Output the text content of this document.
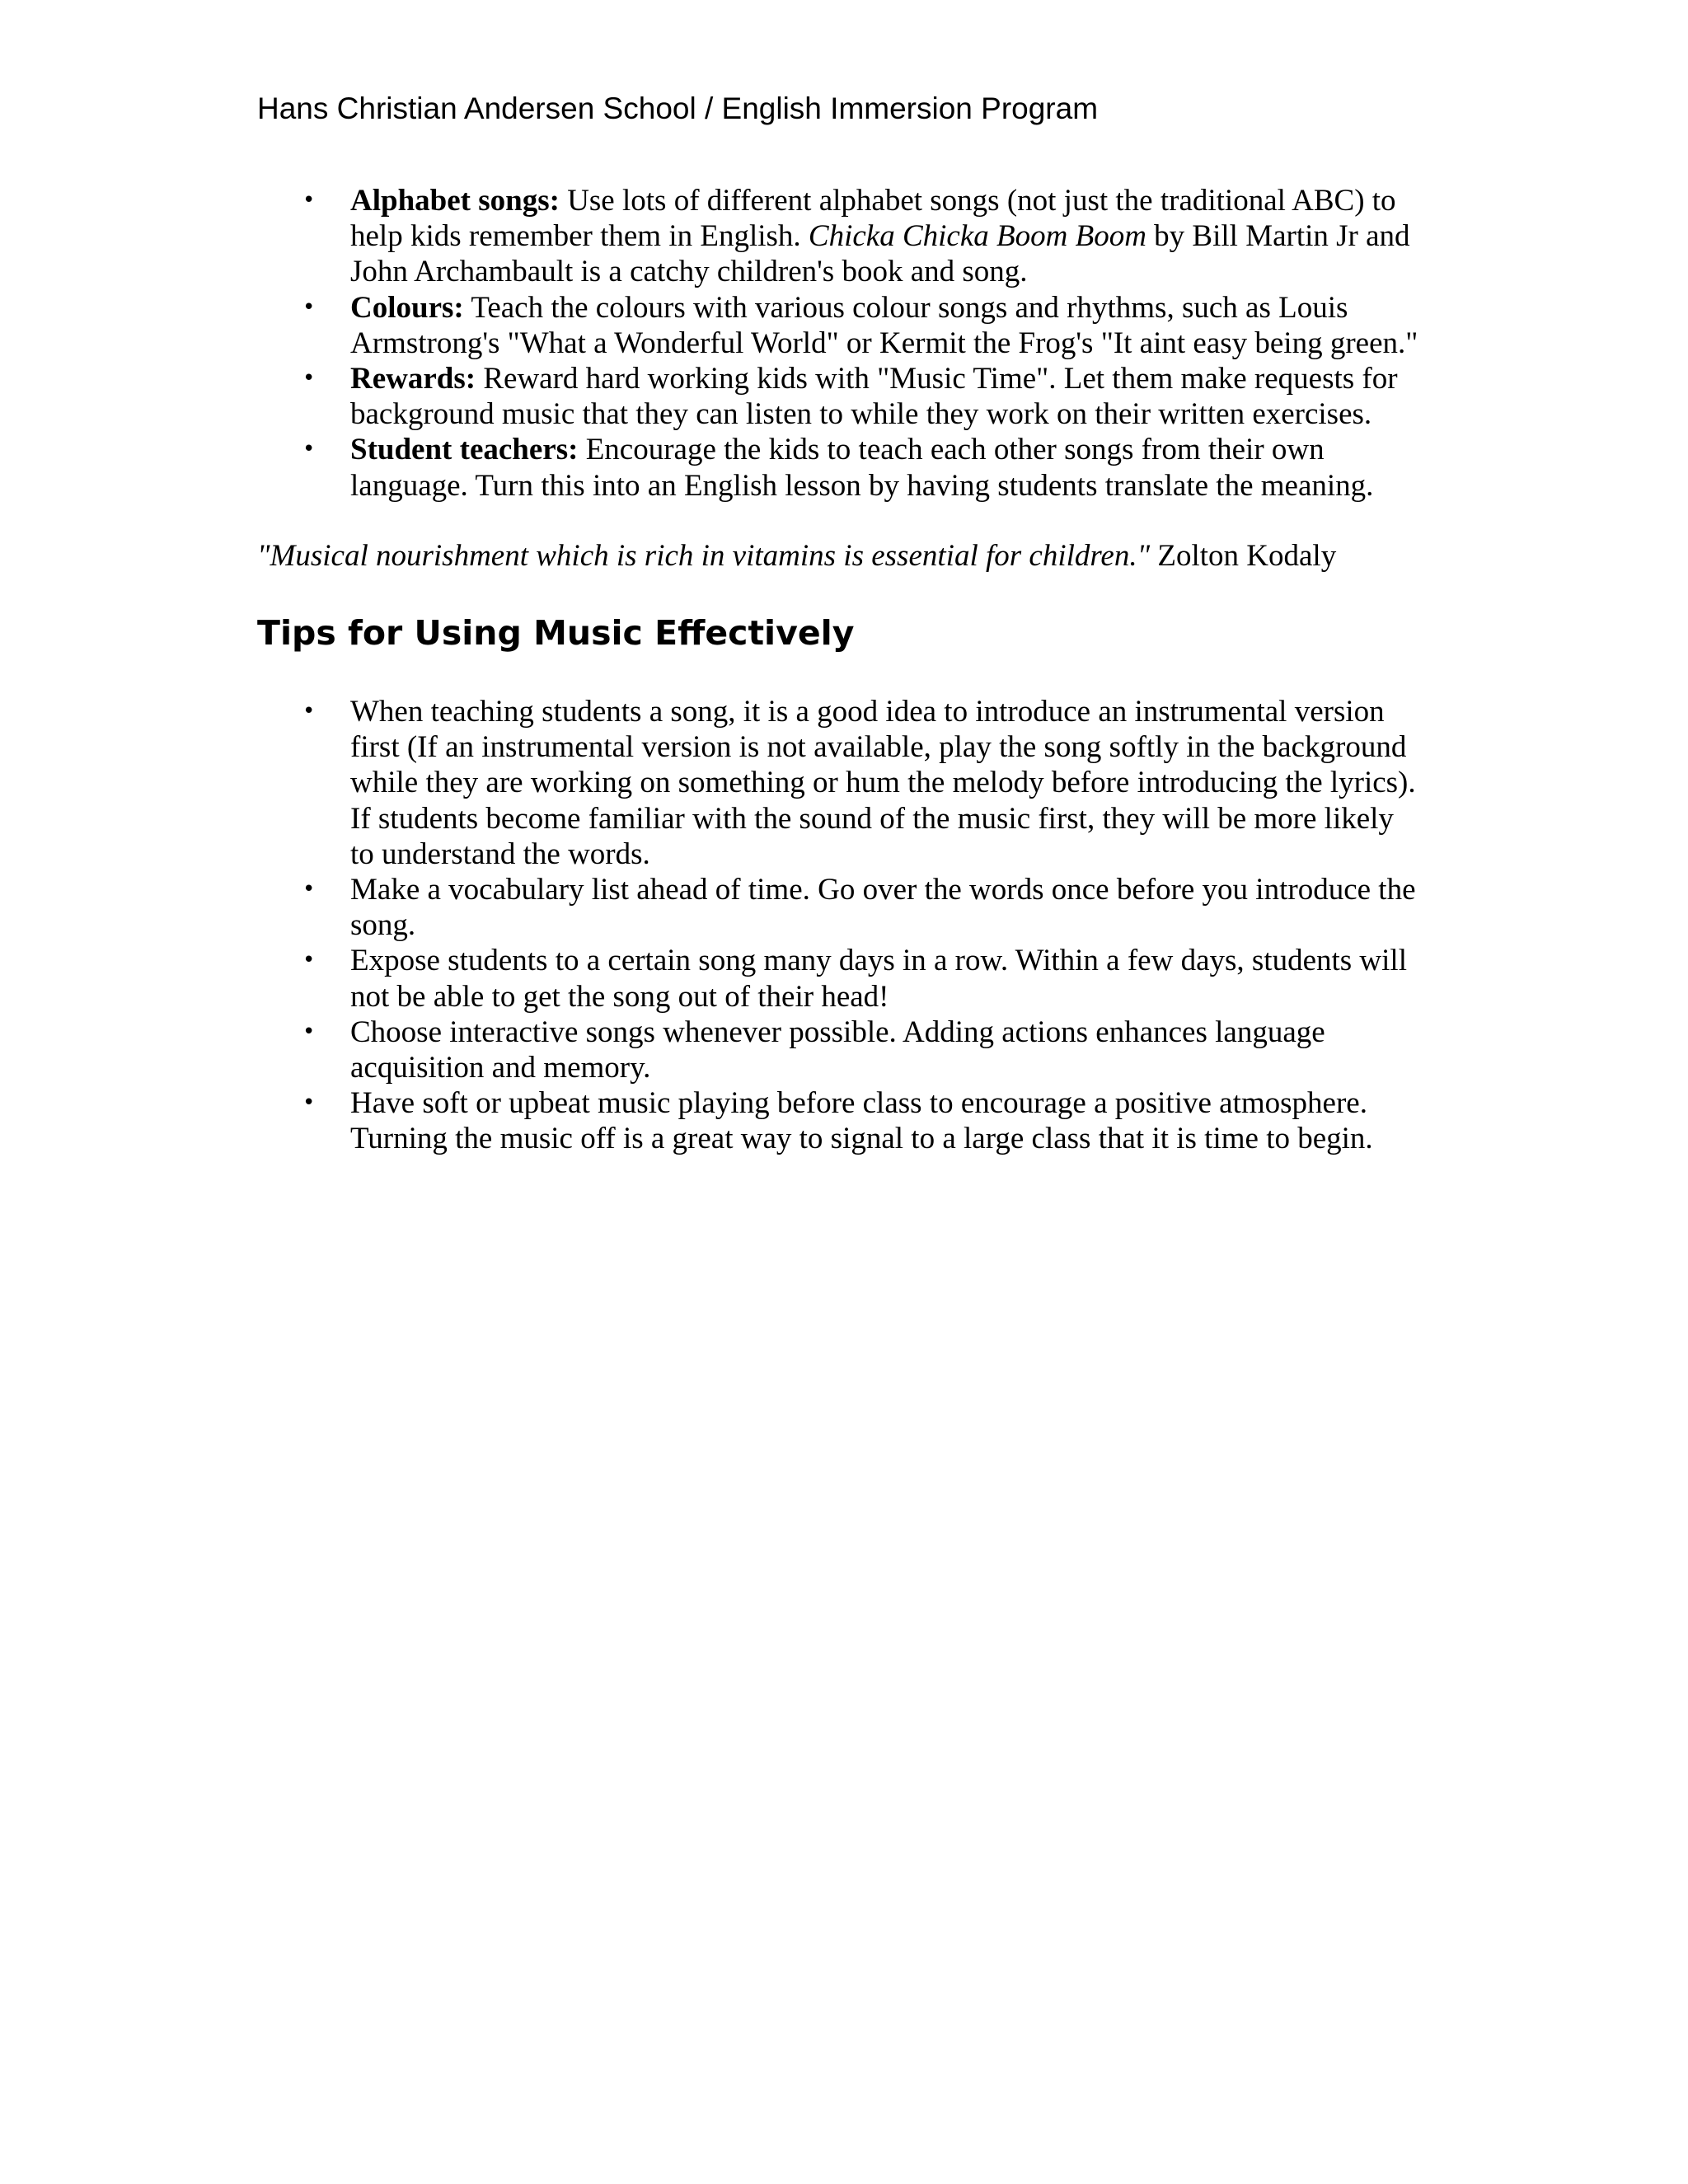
Hans Christian Andersen School / English Immersion Program
• Alphabet songs: Use lots of different alphabet songs (not just the traditional ABC) to help kids remember them in English. Chicka Chicka Boom Boom by Bill Martin Jr and John Archambault is a catchy children's book and song.
• Colours: Teach the colours with various colour songs and rhythms, such as Louis Armstrong's "What a Wonderful World" or Kermit the Frog's "It aint easy being green."
• Rewards: Reward hard working kids with "Music Time". Let them make requests for background music that they can listen to while they work on their written exercises.
• Student teachers: Encourage the kids to teach each other songs from their own language. Turn this into an English lesson by having students translate the meaning.
"Musical nourishment which is rich in vitamins is essential for children." Zolton Kodaly
Tips for Using Music Effectively
• When teaching students a song, it is a good idea to introduce an instrumental version first (If an instrumental version is not available, play the song softly in the background while they are working on something or hum the melody before introducing the lyrics). If students become familiar with the sound of the music first, they will be more likely to understand the words.
• Make a vocabulary list ahead of time. Go over the words once before you introduce the song.
• Expose students to a certain song many days in a row. Within a few days, students will not be able to get the song out of their head!
• Choose interactive songs whenever possible. Adding actions enhances language acquisition and memory.
• Have soft or upbeat music playing before class to encourage a positive atmosphere. Turning the music off is a great way to signal to a large class that it is time to begin.
